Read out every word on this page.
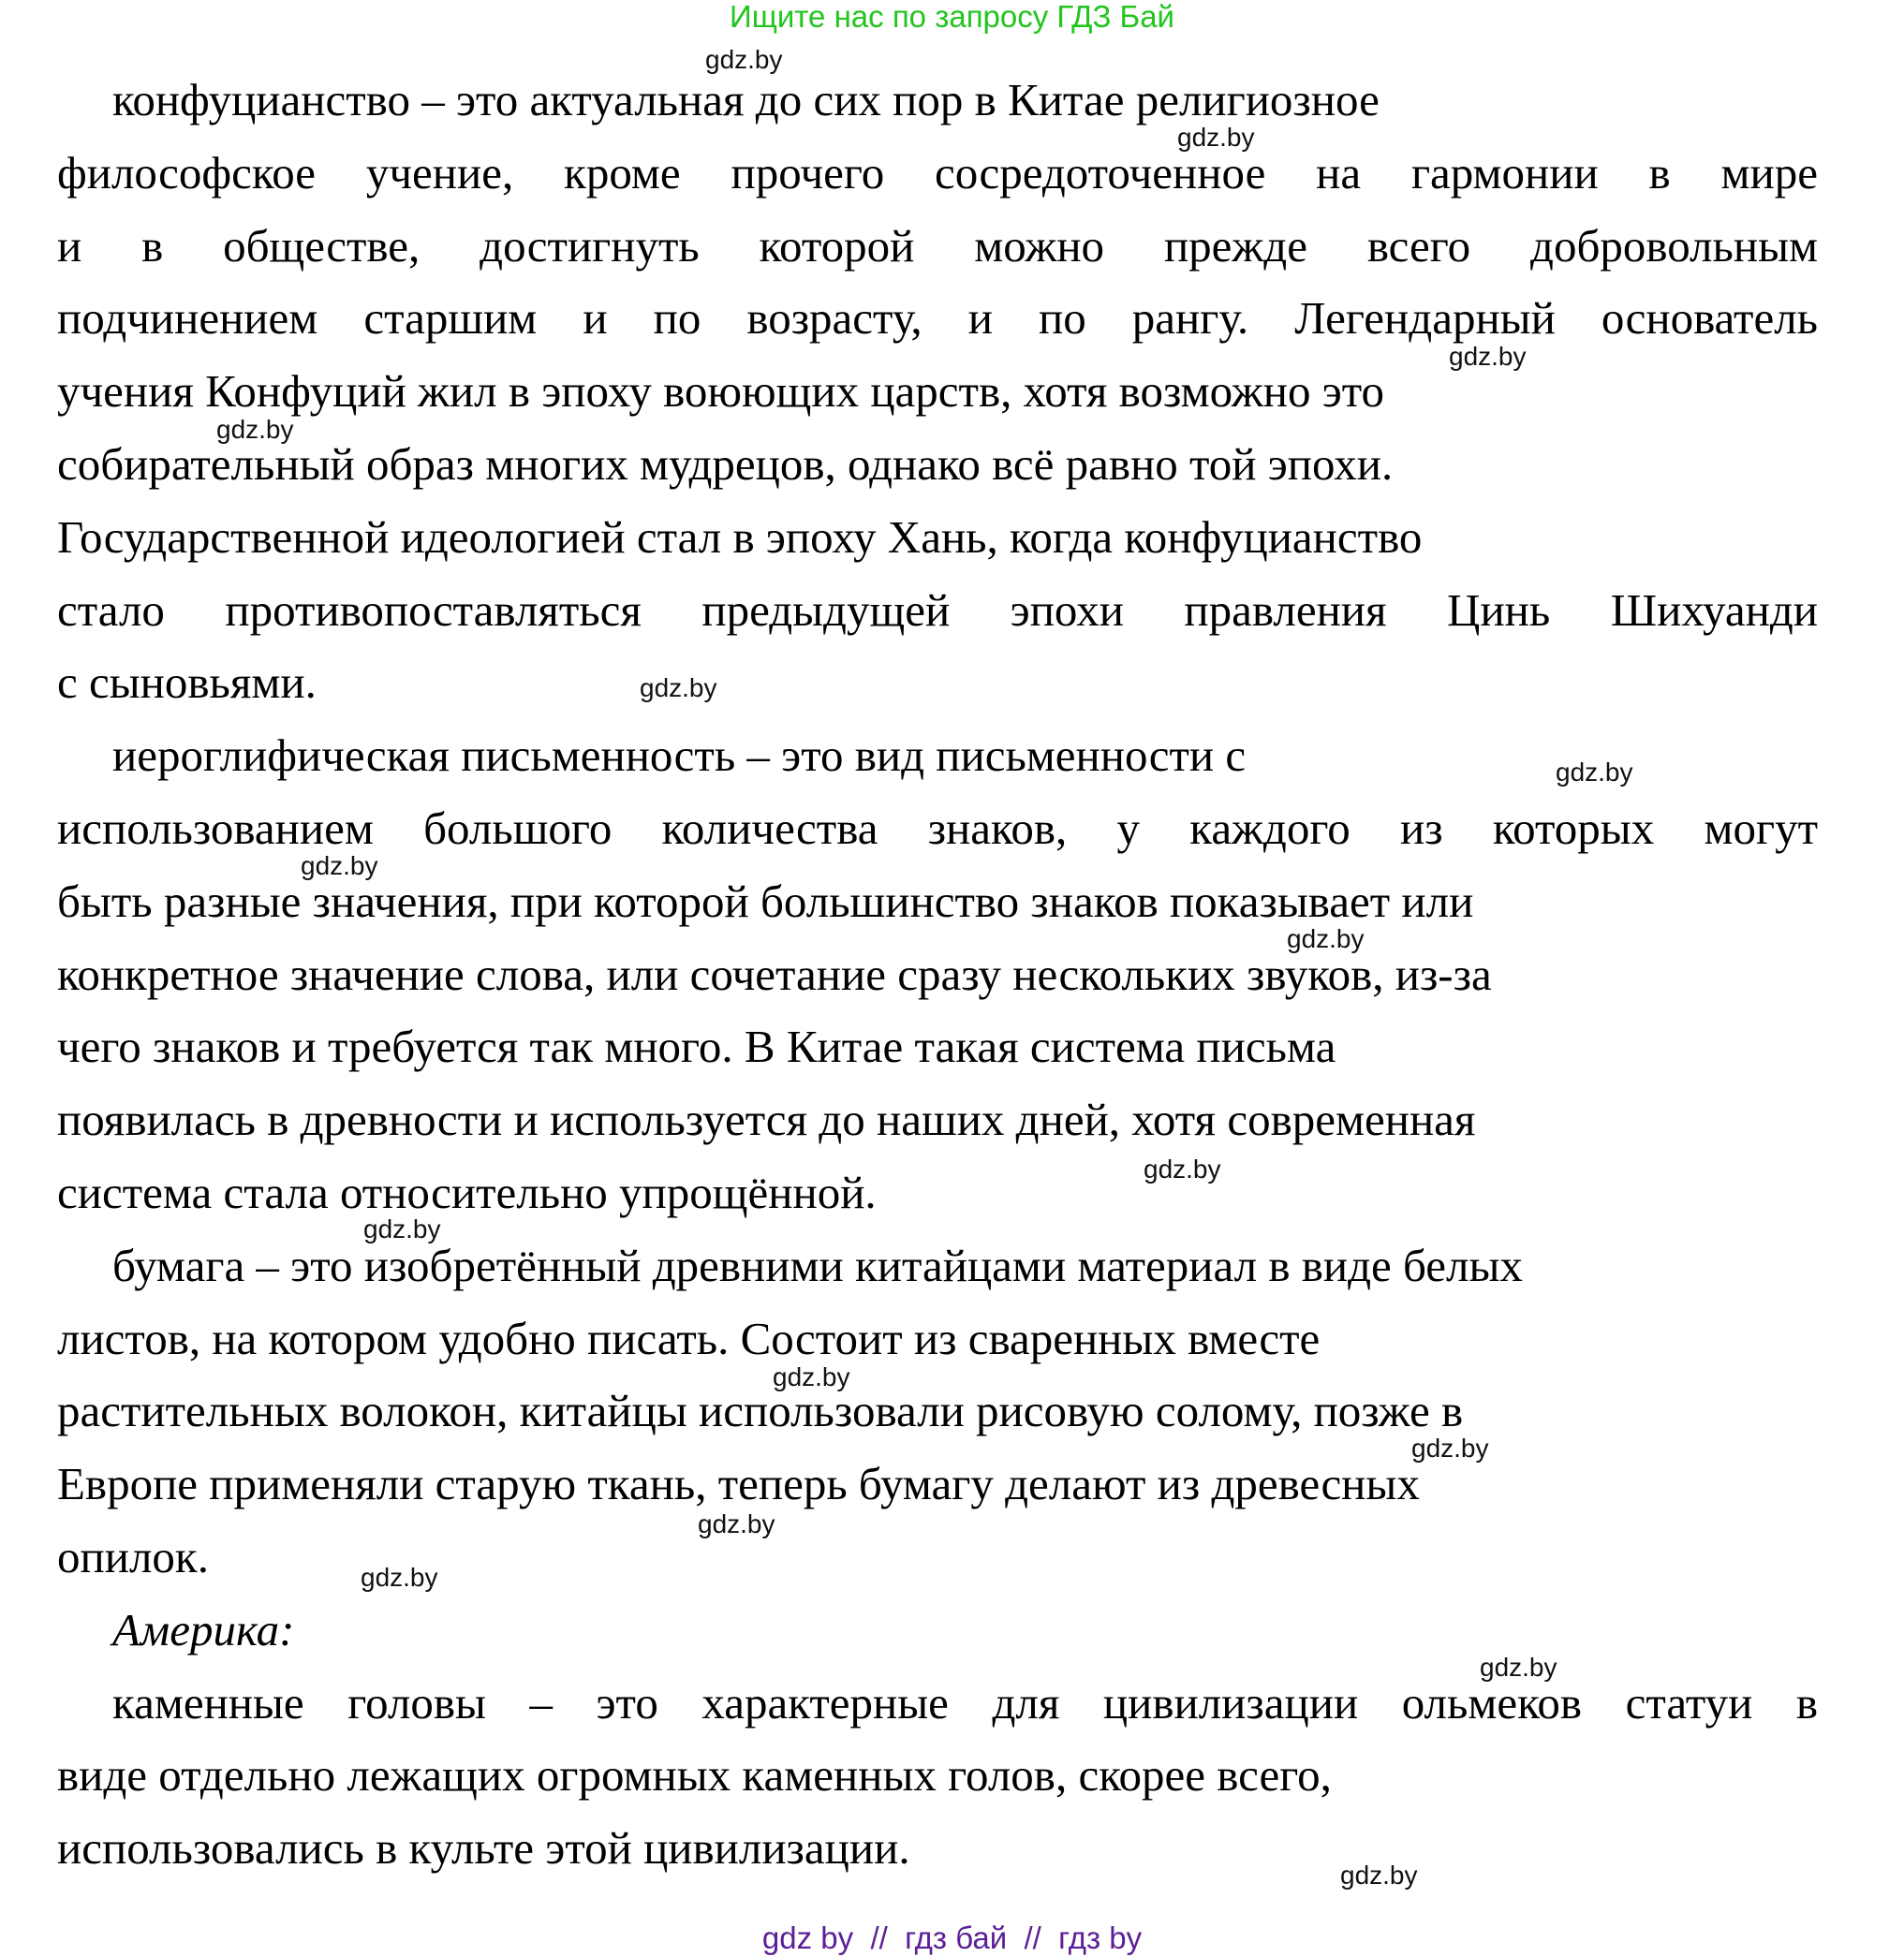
Ищите нас по запросу ГДЗ Бай
конфуцианство – это актуальная до сих пор в Китае религиозное
философское учение, кроме прочего сосредоточенное на гармонии в мире
и в обществе, достигнуть которой можно прежде всего добровольным
подчинением старшим и по возрасту, и по рангу. Легендарный основатель
учения Конфуций жил в эпоху воюющих царств, хотя возможно это
собирательный образ многих мудрецов, однако всё равно той эпохи.
Государственной идеологией стал в эпоху Хань, когда конфуцианство
стало противопоставляться предыдущей эпохи правления Цинь Шихуанди
с сыновьями.
иероглифическая письменность – это вид письменности с
использованием большого количества знаков, у каждого из которых могут
быть разные значения, при которой большинство знаков показывает или
конкретное значение слова, или сочетание сразу нескольких звуков, из-за
чего знаков и требуется так много. В Китае такая система письма
появилась в древности и используется до наших дней, хотя современная
система стала относительно упрощённой.
бумага – это изобретённый древними китайцами материал в виде белых
листов, на котором удобно писать. Состоит из сваренных вместе
растительных волокон, китайцы использовали рисовую солому, позже в
Европе применяли старую ткань, теперь бумагу делают из древесных
опилок.
Америка:
каменные головы – это характерные для цивилизации ольмеков статуи в
виде отдельно лежащих огромных каменных голов, скорее всего,
использовались в культе этой цивилизации.
gdz.by
gdz.by
gdz.by
gdz.by
gdz.by
gdz.by
gdz.by
gdz.by
gdz.by
gdz.by
gdz.by
gdz.by
gdz.by
gdz.by
gdz.by
gdz.by
gdz by  //  гдз бай  //  гдз by
